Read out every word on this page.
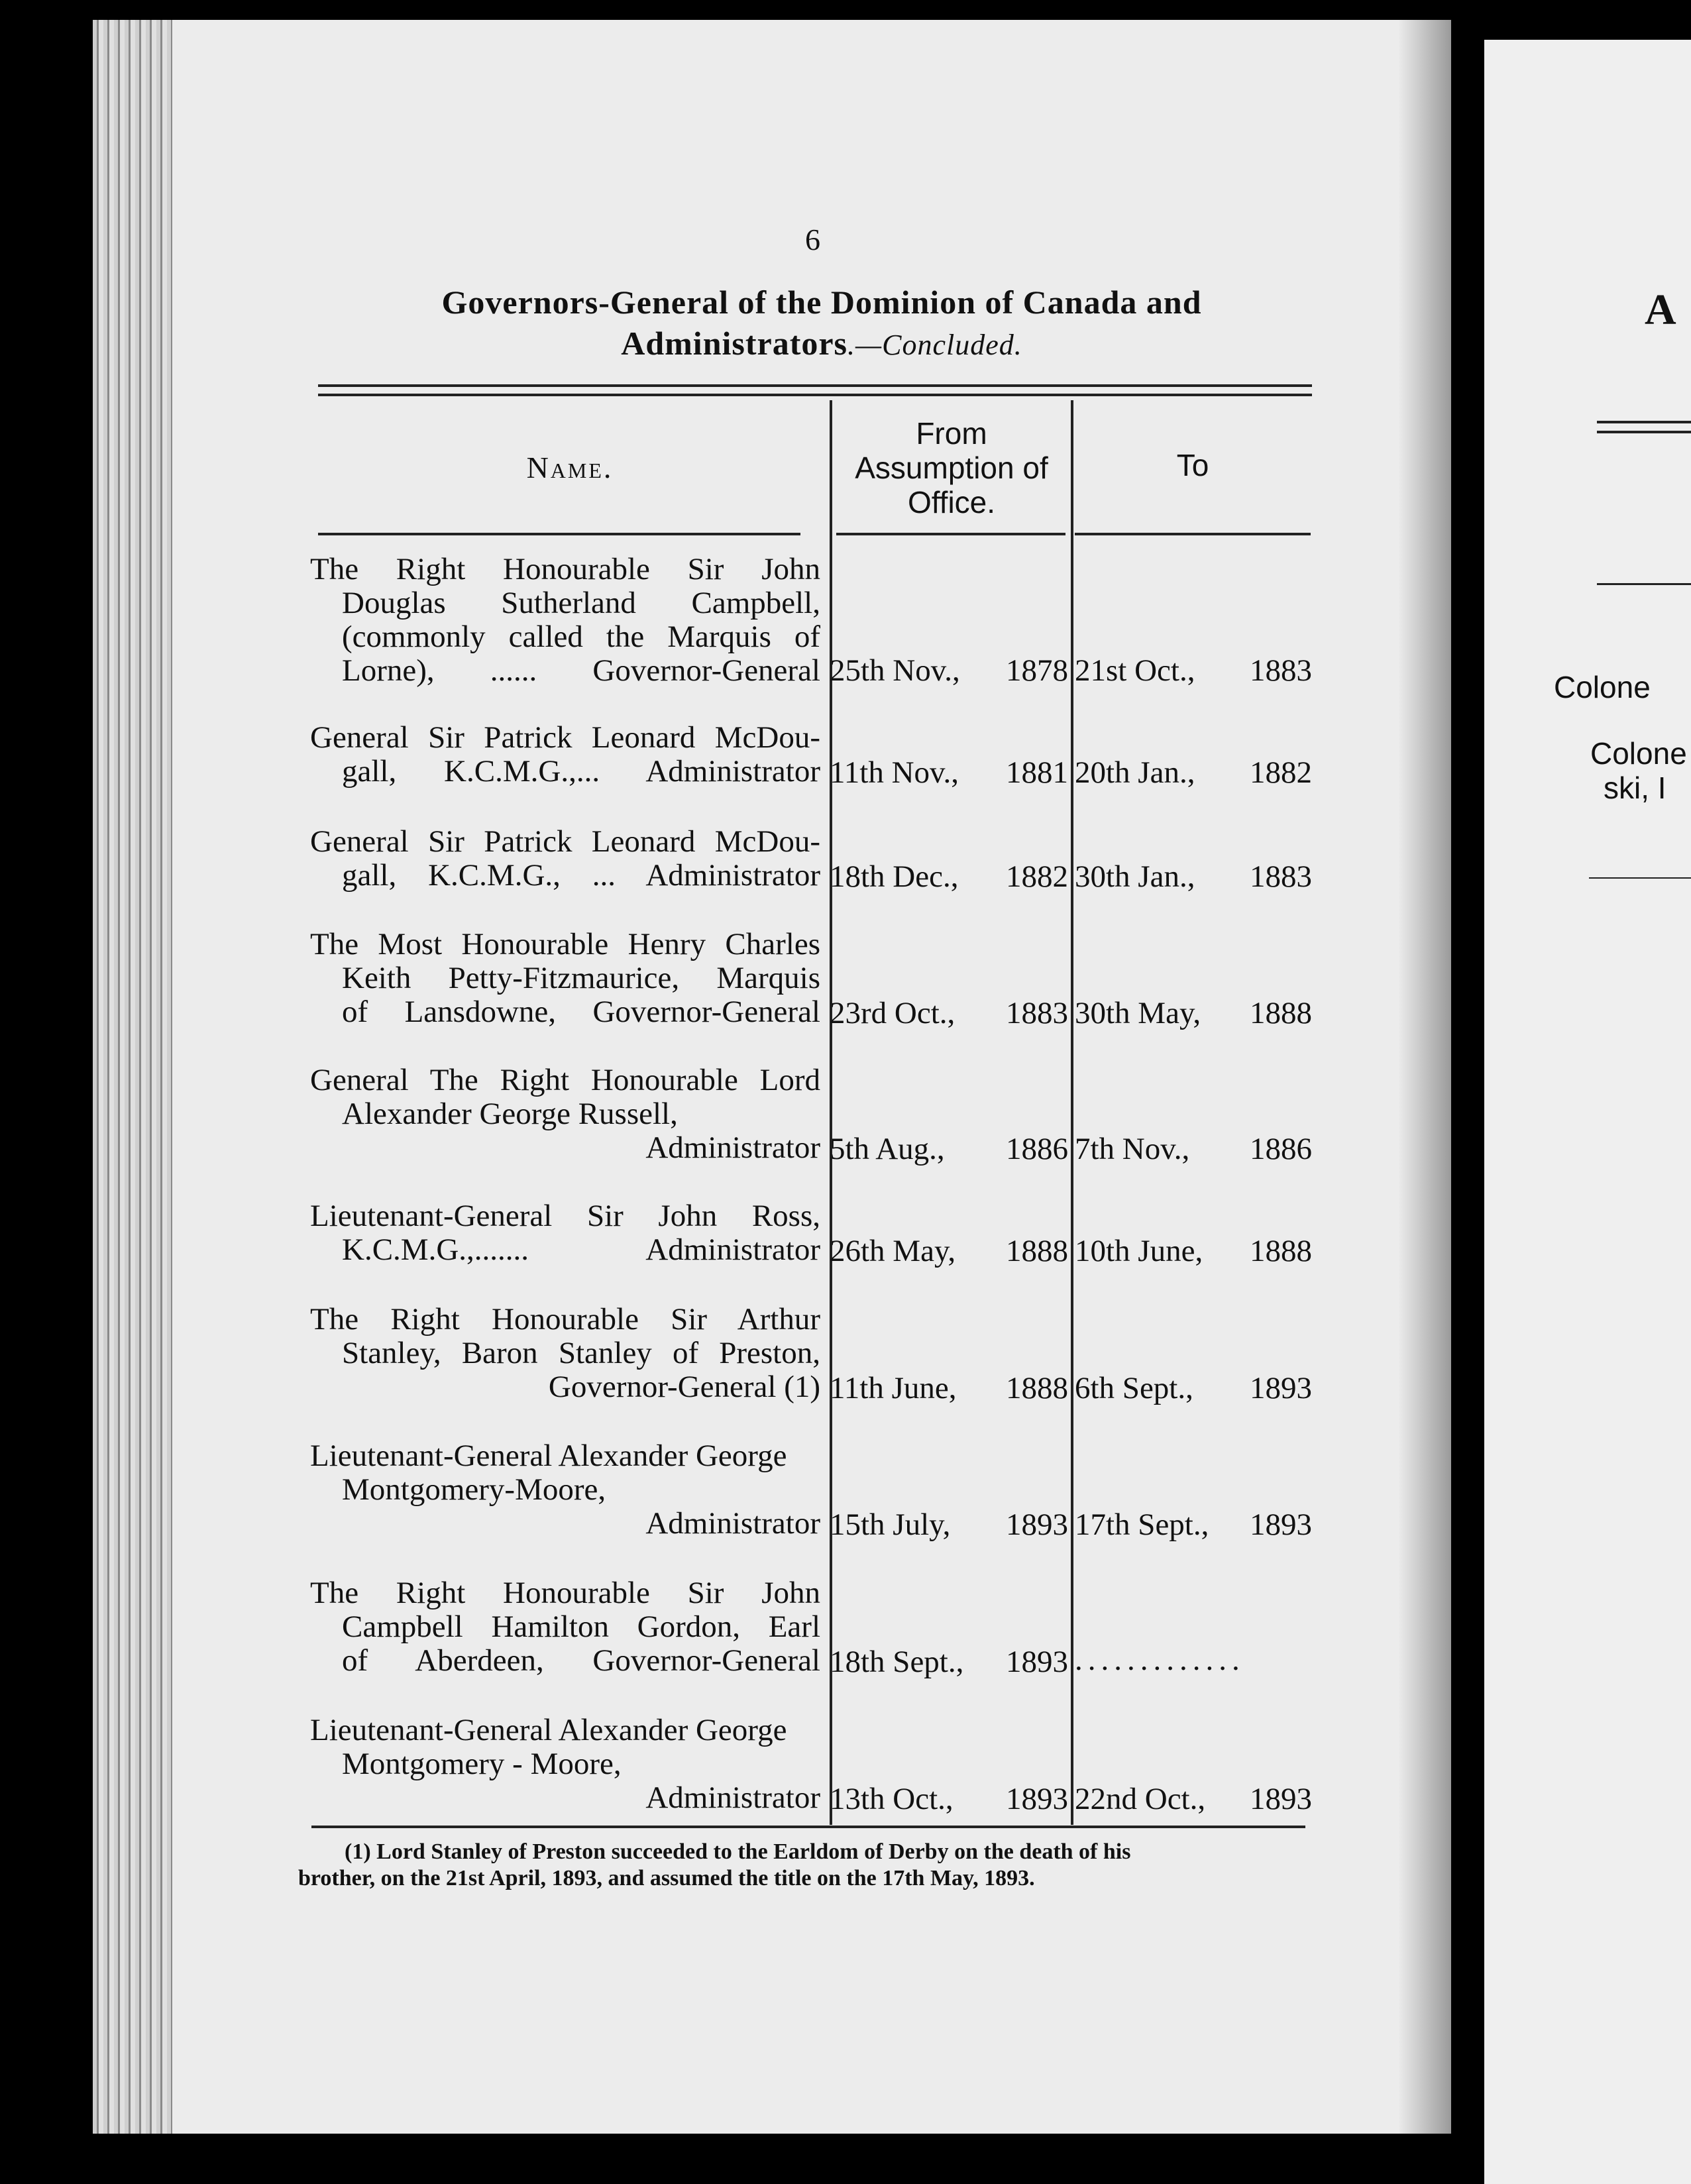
A
Colone
Colone
ski, I
6
Governors-General of the Dominion of Canada and
Administrators.—Concluded.
Name.
From
Assumption of
Office.
To
The Right Honourable Sir John
Douglas Sutherland Campbell,
(commonly called the Marquis of
Lorne), ...... Governor-General 25th Nov., 1878 21st Oct., 1883
General Sir Patrick Leonard McDou-
gall, K.C.M.G.,... Administrator 11th Nov., 1881 20th Jan., 1882
General Sir Patrick Leonard McDou-
gall, K.C.M.G., ... Administrator 18th Dec., 1882 30th Jan., 1883
The Most Honourable Henry Charles
Keith Petty-Fitzmaurice, Marquis
of Lansdowne, Governor-General 23rd Oct., 1883 30th May, 1888
General The Right Honourable Lord
Alexander George Russell,
Administrator 5th Aug., 1886 7th Nov., 1886
Lieutenant-General Sir John Ross,
K.C.M.G.,....... Administrator 26th May, 1888 10th June, 1888
The Right Honourable Sir Arthur
Stanley, Baron Stanley of Preston,
Governor-General (1) 11th June, 1888 6th Sept., 1893
Lieutenant-General Alexander George
Montgomery-Moore,
Administrator 15th July, 1893 17th Sept., 1893
The Right Honourable Sir John
Campbell Hamilton Gordon, Earl
of Aberdeen, Governor-General 18th Sept., 1893 .............
Lieutenant-General Alexander George
Montgomery - Moore,
Administrator 13th Oct., 1893 22nd Oct., 1893
(1) Lord Stanley of Preston succeeded to the Earldom of Derby on the death of his
brother, on the 21st April, 1893, and assumed the title on the 17th May, 1893.
